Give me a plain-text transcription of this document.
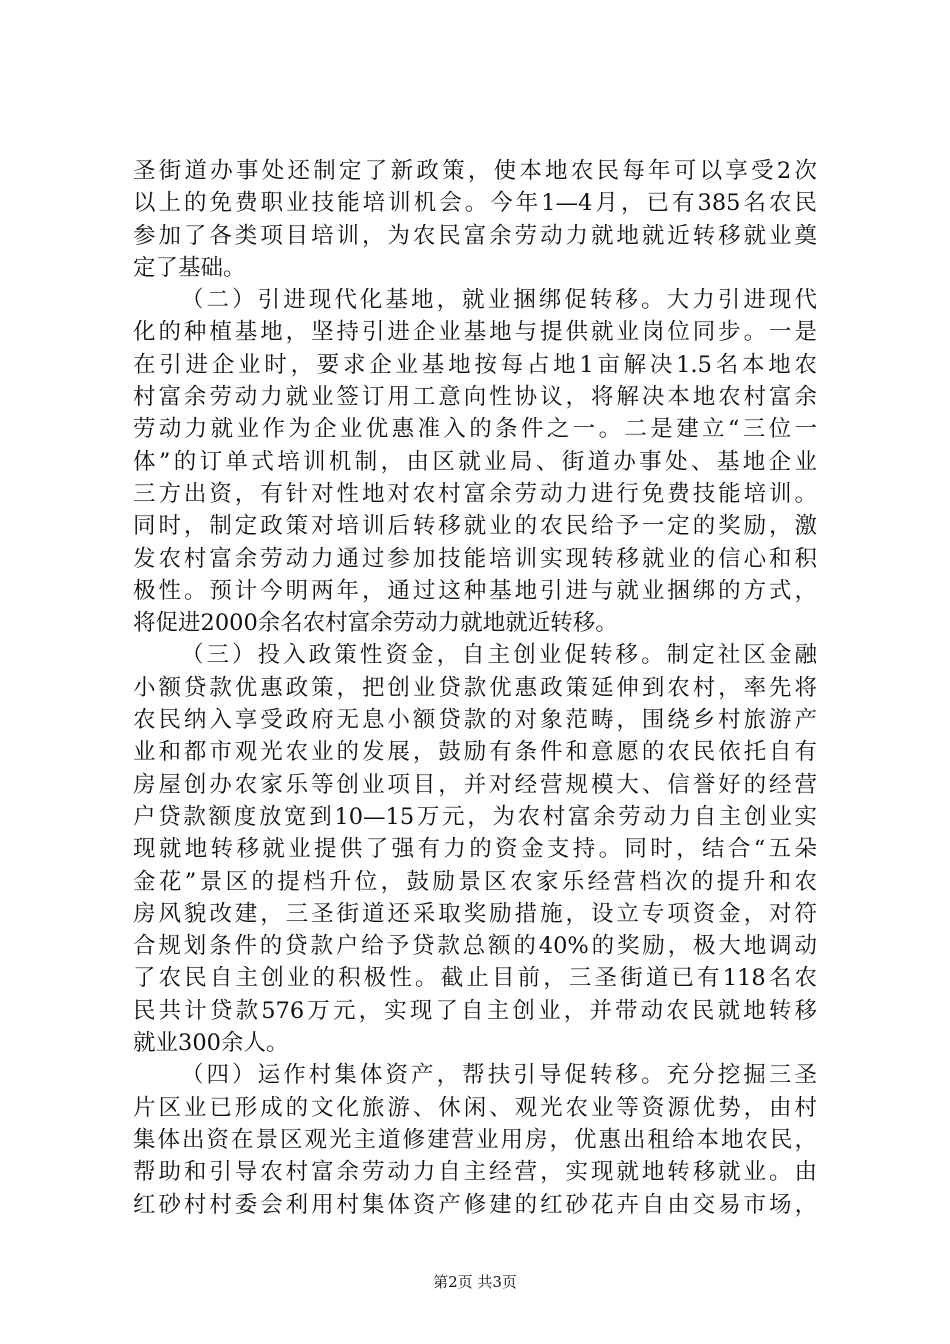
圣街道办事处还制定了新政策，使本地农民每年可以享受2次
以上的免费职业技能培训机会。今年1—4月，已有385名农民
参加了各类项目培训，为农民富余劳动力就地就近转移就业奠
定了基础。
（二）引进现代化基地，就业捆绑促转移。大力引进现代
化的种植基地，坚持引进企业基地与提供就业岗位同步。一是
在引进企业时，要求企业基地按每占地1亩解决1.5名本地农
村富余劳动力就业签订用工意向性协议，将解决本地农村富余
劳动力就业作为企业优惠准入的条件之一。二是建立“三位一
体”的订单式培训机制，由区就业局、街道办事处、基地企业
三方出资，有针对性地对农村富余劳动力进行免费技能培训。
同时，制定政策对培训后转移就业的农民给予一定的奖励，激
发农村富余劳动力通过参加技能培训实现转移就业的信心和积
极性。预计今明两年，通过这种基地引进与就业捆绑的方式，
将促进2000余名农村富余劳动力就地就近转移。
（三）投入政策性资金，自主创业促转移。制定社区金融
小额贷款优惠政策，把创业贷款优惠政策延伸到农村，率先将
农民纳入享受政府无息小额贷款的对象范畴，围绕乡村旅游产
业和都市观光农业的发展，鼓励有条件和意愿的农民依托自有
房屋创办农家乐等创业项目，并对经营规模大、信誉好的经营
户贷款额度放宽到10—15万元，为农村富余劳动力自主创业实
现就地转移就业提供了强有力的资金支持。同时，结合“五朵
金花”景区的提档升位，鼓励景区农家乐经营档次的提升和农
房风貌改建，三圣街道还采取奖励措施，设立专项资金，对符
合规划条件的贷款户给予贷款总额的40%的奖励，极大地调动
了农民自主创业的积极性。截止目前，三圣街道已有118名农
民共计贷款576万元，实现了自主创业，并带动农民就地转移
就业300余人。
（四）运作村集体资产，帮扶引导促转移。充分挖掘三圣
片区业已形成的文化旅游、休闲、观光农业等资源优势，由村
集体出资在景区观光主道修建营业用房，优惠出租给本地农民，
帮助和引导农村富余劳动力自主经营，实现就地转移就业。由
红砂村村委会利用村集体资产修建的红砂花卉自由交易市场，
第2页 共3页
